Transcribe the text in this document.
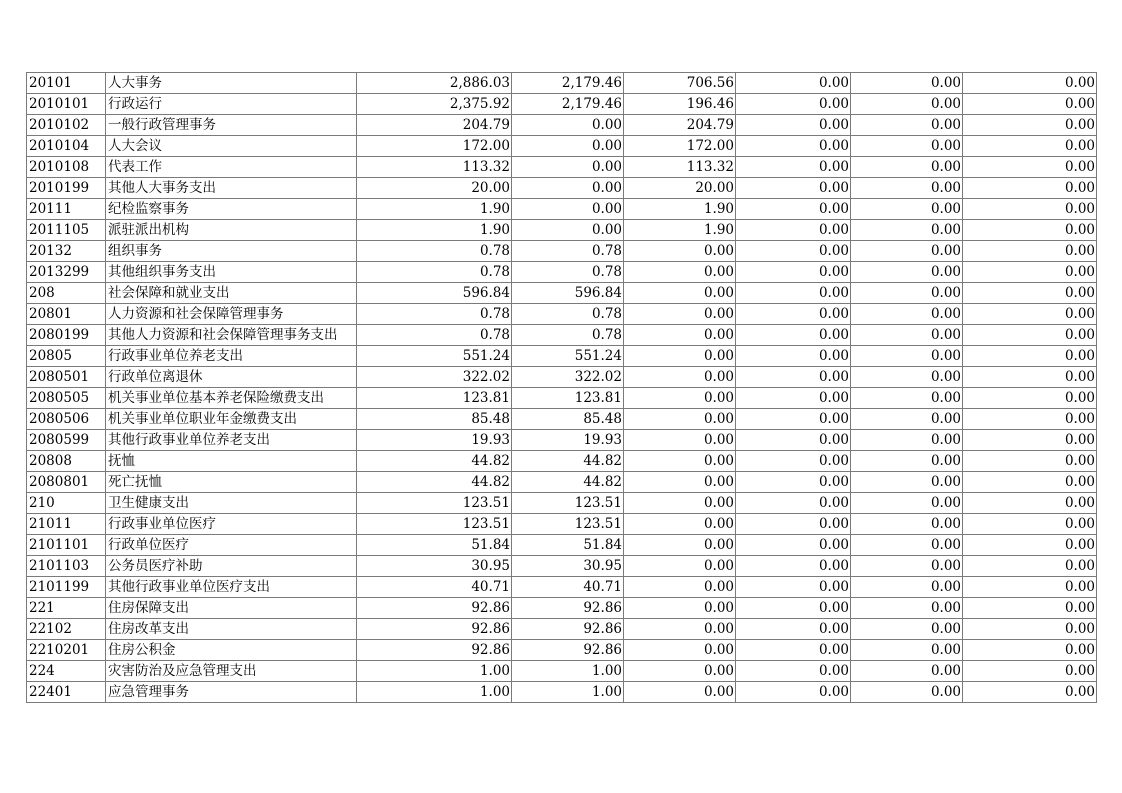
20101	人大事务	2,886.03	2,179.46	706.56	0.00	0.00	0.00
2010101	行政运行	2,375.92	2,179.46	196.46	0.00	0.00	0.00
2010102	一般行政管理事务	204.79	0.00	204.79	0.00	0.00	0.00
2010104	人大会议	172.00	0.00	172.00	0.00	0.00	0.00
2010108	代表工作	113.32	0.00	113.32	0.00	0.00	0.00
2010199	其他人大事务支出	20.00	0.00	20.00	0.00	0.00	0.00
20111	纪检监察事务	1.90	0.00	1.90	0.00	0.00	0.00
2011105	派驻派出机构	1.90	0.00	1.90	0.00	0.00	0.00
20132	组织事务	0.78	0.78	0.00	0.00	0.00	0.00
2013299	其他组织事务支出	0.78	0.78	0.00	0.00	0.00	0.00
208	社会保障和就业支出	596.84	596.84	0.00	0.00	0.00	0.00
20801	人力资源和社会保障管理事务	0.78	0.78	0.00	0.00	0.00	0.00
2080199	其他人力资源和社会保障管理事务支出	0.78	0.78	0.00	0.00	0.00	0.00
20805	行政事业单位养老支出	551.24	551.24	0.00	0.00	0.00	0.00
2080501	行政单位离退休	322.02	322.02	0.00	0.00	0.00	0.00
2080505	机关事业单位基本养老保险缴费支出	123.81	123.81	0.00	0.00	0.00	0.00
2080506	机关事业单位职业年金缴费支出	85.48	85.48	0.00	0.00	0.00	0.00
2080599	其他行政事业单位养老支出	19.93	19.93	0.00	0.00	0.00	0.00
20808	抚恤	44.82	44.82	0.00	0.00	0.00	0.00
2080801	死亡抚恤	44.82	44.82	0.00	0.00	0.00	0.00
210	卫生健康支出	123.51	123.51	0.00	0.00	0.00	0.00
21011	行政事业单位医疗	123.51	123.51	0.00	0.00	0.00	0.00
2101101	行政单位医疗	51.84	51.84	0.00	0.00	0.00	0.00
2101103	公务员医疗补助	30.95	30.95	0.00	0.00	0.00	0.00
2101199	其他行政事业单位医疗支出	40.71	40.71	0.00	0.00	0.00	0.00
221	住房保障支出	92.86	92.86	0.00	0.00	0.00	0.00
22102	住房改革支出	92.86	92.86	0.00	0.00	0.00	0.00
2210201	住房公积金	92.86	92.86	0.00	0.00	0.00	0.00
224	灾害防治及应急管理支出	1.00	1.00	0.00	0.00	0.00	0.00
22401	应急管理事务	1.00	1.00	0.00	0.00	0.00	0.00
